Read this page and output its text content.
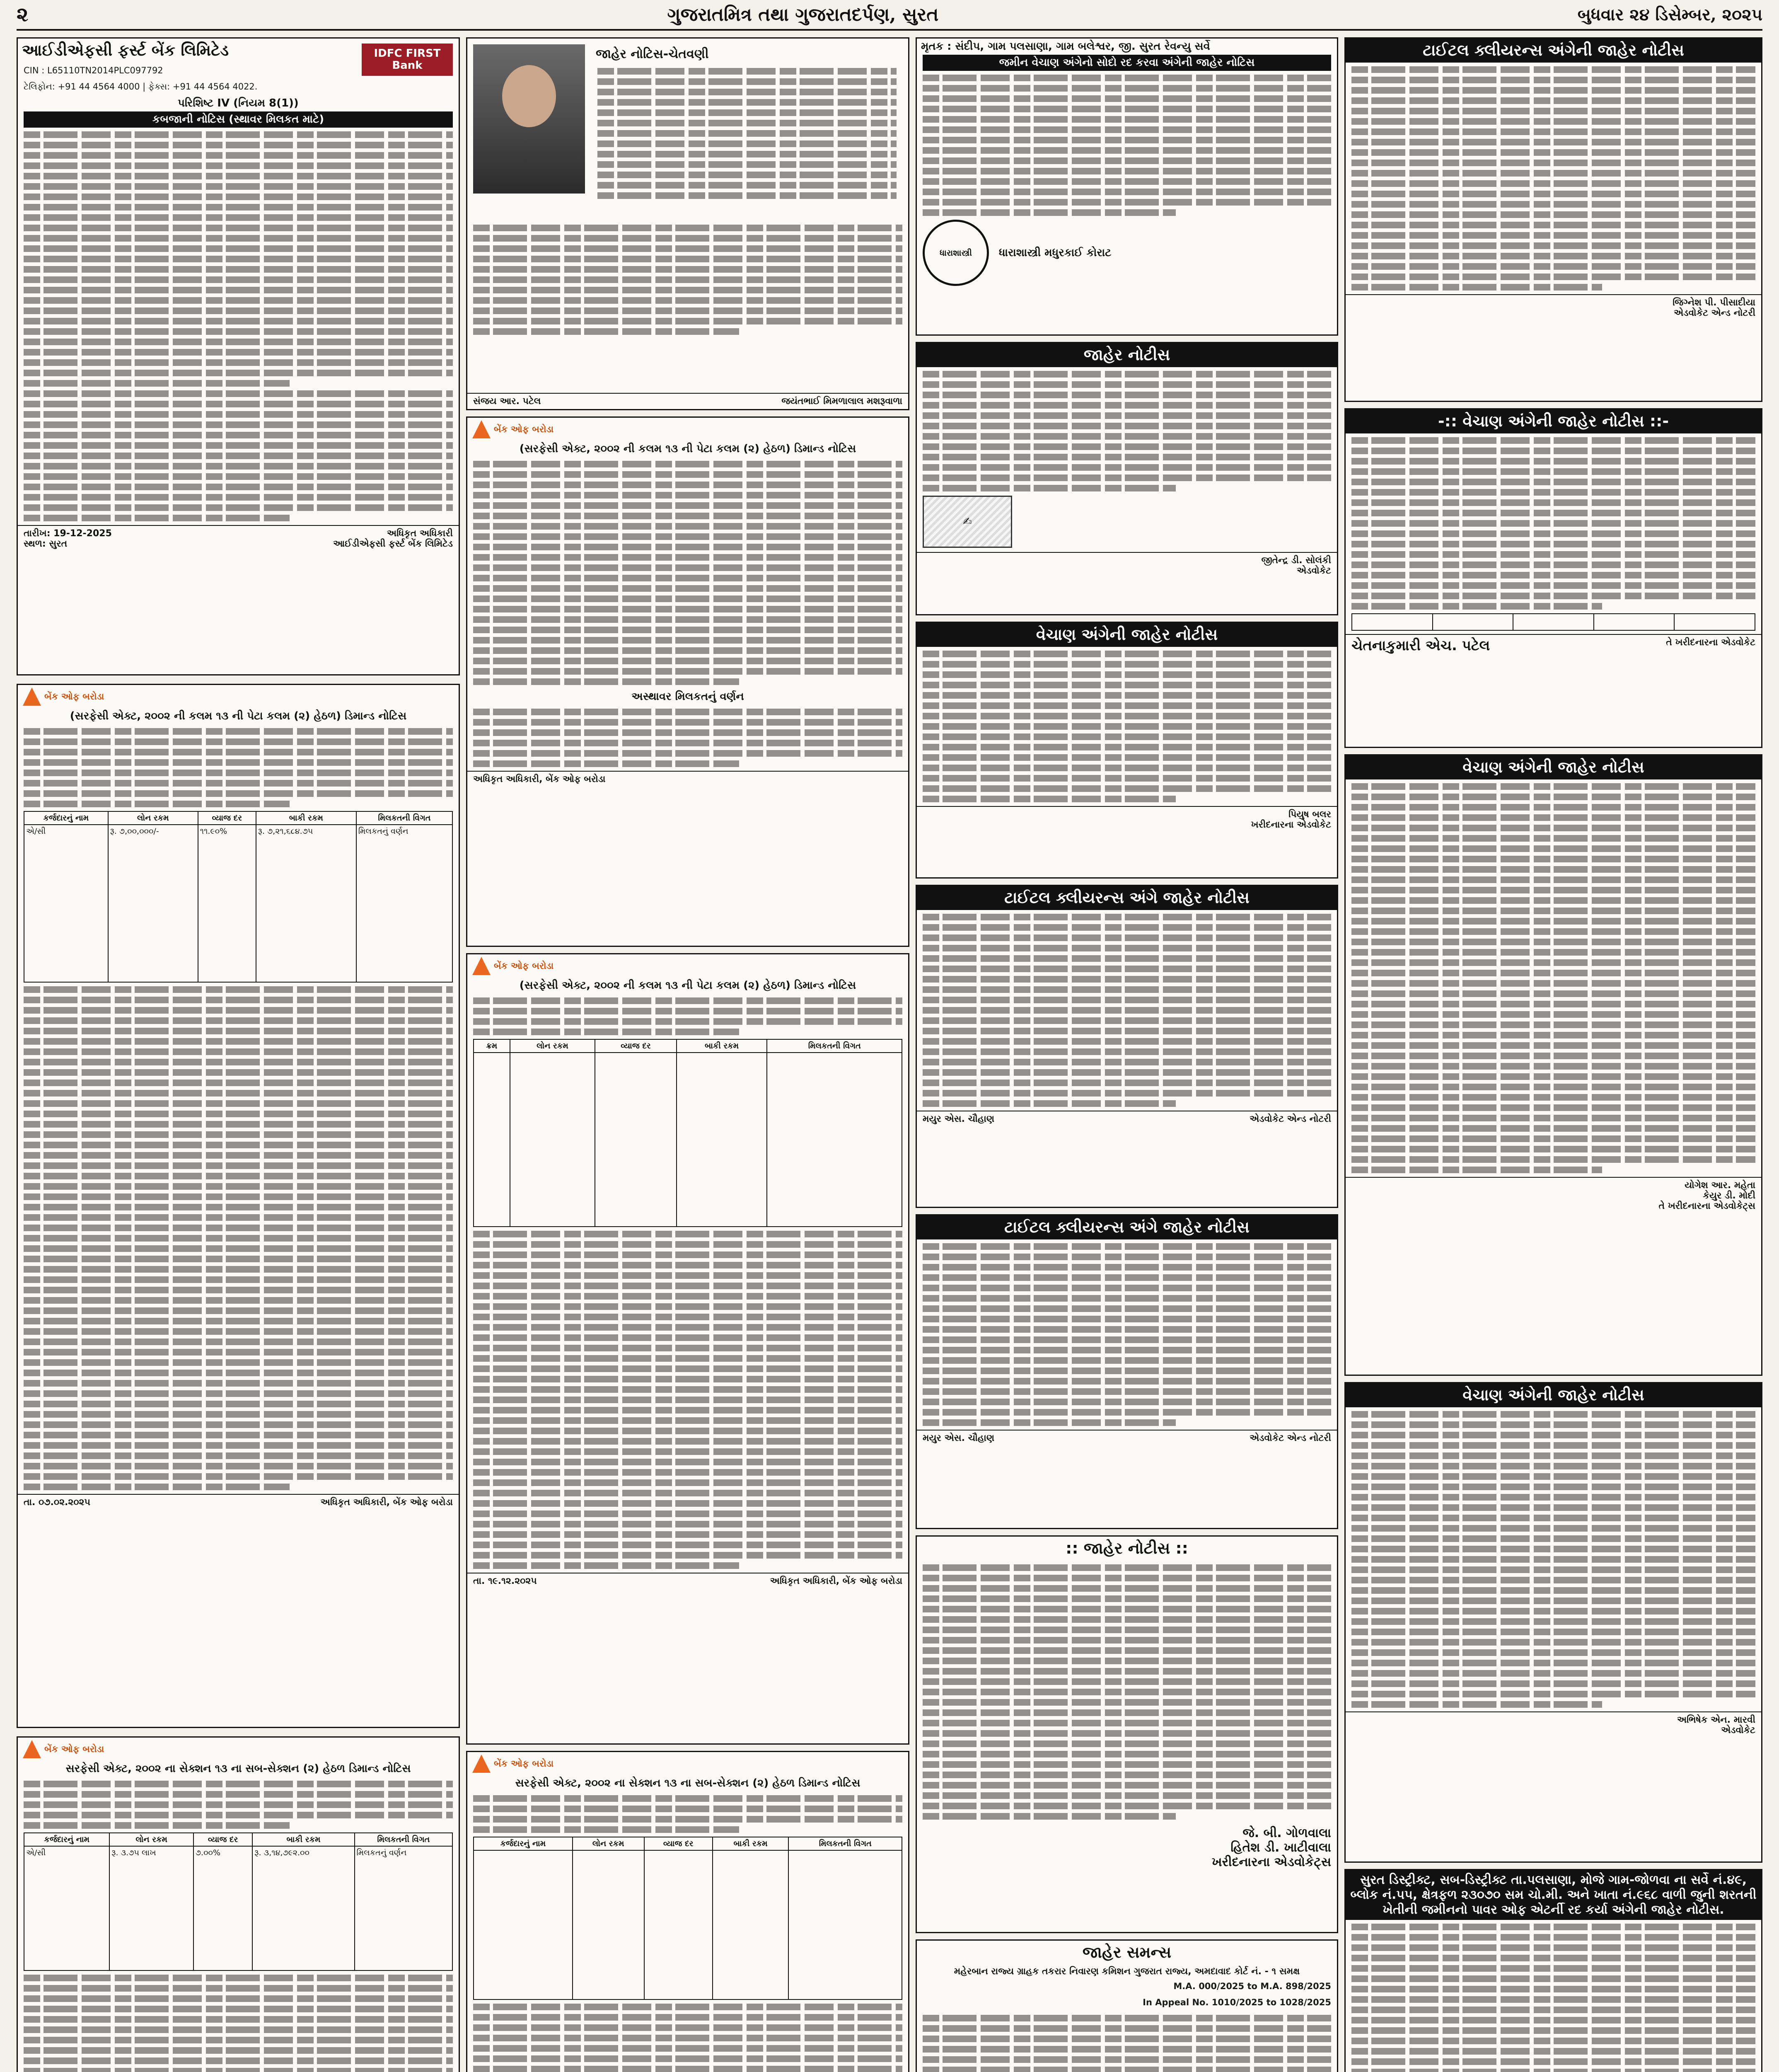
૨	ગુજરાતમિત્ર તથા ગુજરાતદર્પણ, સુરત	બુધવાર ૨૪ ડિસેમ્બર, ૨૦૨૫
આઈડીએફસી ફર્સ્ટ બેંક લિમિટેડ	IDFC FIRST Bank
CIN : L65110TN2014PLC097792
ટેલિફોન: +91 44 4564 4000 | ફેક્સ: +91 44 4564 4022.
પરિશિષ્ટ IV (નિયમ 8(1))
કબજાની નોટિસ (સ્થાવર મિલકત માટે)
તારીખ: 19-12-2025
સ્થળ: સુરત
અધિકૃત અધિકારી
આઈડીએફસી ફર્સ્ટ બેંક લિમિટેડ
બેંક ઓફ બરોડા
(સરફેસી એક્ટ, ૨૦૦૨ ની કલમ ૧૩ ની પેટા કલમ (૨) હેઠળ) ડિમાન્ડ નોટિસ
કર્જદારનું નામ	લોન રકમ	વ્યાજ દર	બાકી રકમ	મિલકતની વિગત
એ/સી	રૂ. ૭,૦૦,૦૦૦/-	૧૧.૯૦%	રૂ. ૭,૨૧,૬૮૪.૭૫	મિલકતનું વર્ણન
તા. ૦૭.૦૨.૨૦૨૫	અધિકૃત અધિકારી, બેંક ઓફ બરોડા
બેંક ઓફ બરોડા
સરફેસી એક્ટ, ૨૦૦૨ ના સેક્શન ૧૩ ના સબ-સેક્શન (૨) હેઠળ ડિમાન્ડ નોટિસ
કર્જદારનું નામ	લોન રકમ	વ્યાજ દર	બાકી રકમ	મિલકતની વિગત
એ/સી	રૂ. ૩.૭૫ લાખ	૭.૦૦%	રૂ. ૩,૧૪,૭૯૨.૦૦	મિલકતનું વર્ણન
જાહેર નોટિસ-ચેતવણી
સંજય આર. પટેલ	જયંતભાઈ મિમળાલાલ મશરૂવાળા
બેંક ઓફ બરોડા
(સરફેસી એક્ટ, ૨૦૦૨ ની કલમ ૧૩ ની પેટા કલમ (૨) હેઠળ) ડિમાન્ડ નોટિસ
અસ્થાવર મિલકતનું વર્ણન
અધિકૃત અધિકારી, બેંક ઓફ બરોડા
બેંક ઓફ બરોડા
(સરફેસી એક્ટ, ૨૦૦૨ ની કલમ ૧૩ ની પેટા કલમ (૨) હેઠળ) ડિમાન્ડ નોટિસ
ક્રમ	લોન રકમ	વ્યાજ દર	બાકી રકમ	મિલકતની વિગત

તા. ૧૯.૧૨.૨૦૨૫	અધિકૃત અધિકારી, બેંક ઓફ બરોડા
બેંક ઓફ બરોડા
સરફેસી એક્ટ, ૨૦૦૨ ના સેક્શન ૧૩ ના સબ-સેક્શન (૨) હેઠળ ડિમાન્ડ નોટિસ
કર્જદારનું નામ	લોન રકમ	વ્યાજ દર	બાકી રકમ	મિલકતની વિગત

મૃતક : સંદીપ, ગામ પલસાણા, ગામ બલેશ્વર, જી. સુરત રેવન્યુ સર્વે
જમીન વેચાણ અંગેનો સોદો રદ કરવા અંગેની જાહેર નોટિસ
ધારાશાસ્ત્રી	ધારાશાસ્ત્રી મધુરકાઈ કોરાટ
જાહેર નોટીસ
✍
જીતેન્દ્ર ડી. સોલંકી
એડવોકેટ
વેચાણ અંગેની જાહેર નોટીસ
પિયુષ બલર
ખરીદનારના એડવોકેટ
ટાઈટલ ક્લીયરન્સ અંગે જાહેર નોટીસ
મયુર એસ. ચૌહાણ	એડવોકેટ એન્ડ નોટરી
ટાઈટલ ક્લીયરન્સ અંગે જાહેર નોટીસ
મયુર એસ. ચૌહાણ	એડવોકેટ એન્ડ નોટરી
:: જાહેર નોટીસ ::
જે. બી. ગોળવાલા
હિતેશ ડી. ખાટીવાલા
ખરીદનારના એડવોકેટ્સ
જાહેર સમન્સ
મહેરબાન રાજ્ય ગ્રાહક તકરાર નિવારણ કમિશન ગુજરાત રાજ્ય, અમદાવાદ કોર્ટ નં. - ૧ સમક્ષ
M.A. 000/2025 to M.A. 898/2025
In Appeal No. 1010/2025 to 1028/2025
ટાઈટલ ક્લીયરન્સ અંગેની જાહેર નોટીસ
જિગ્નેશ પી. પીસાદીયા
એડવોકેટ એન્ડ નોટરી
-:: વેચાણ અંગેની જાહેર નોટીસ ::-

ચેતનાકુમારી એચ. પટેલ	તે ખરીદનારના એડવોકેટ
વેચાણ અંગેની જાહેર નોટીસ
યોગેશ આર. મહેતા
કેયુર ડી. મોદી
તે ખરીદનારના એડવોકેટ્સ
વેચાણ અંગેની જાહેર નોટીસ
અભિષેક એન. મારવી
એડવોકેટ
સુરત ડિસ્ટ્રીક્ટ, સબ-ડિસ્ટ્રીક્ટ તા.પલસાણા, મોજે ગામ-જોળવા ના સર્વે નં.૪૯, બ્લોક નં.૫૫, ક્ષેત્રફળ ૨૩૦૭૦ સમ ચો.મી. અને ખાતા નં.૯૬૮ વાળી જુની શરતની ખેતીની જમીનનો પાવર ઓફ એટર્ની રદ કર્યા અંગેની જાહેર નોટીસ.
